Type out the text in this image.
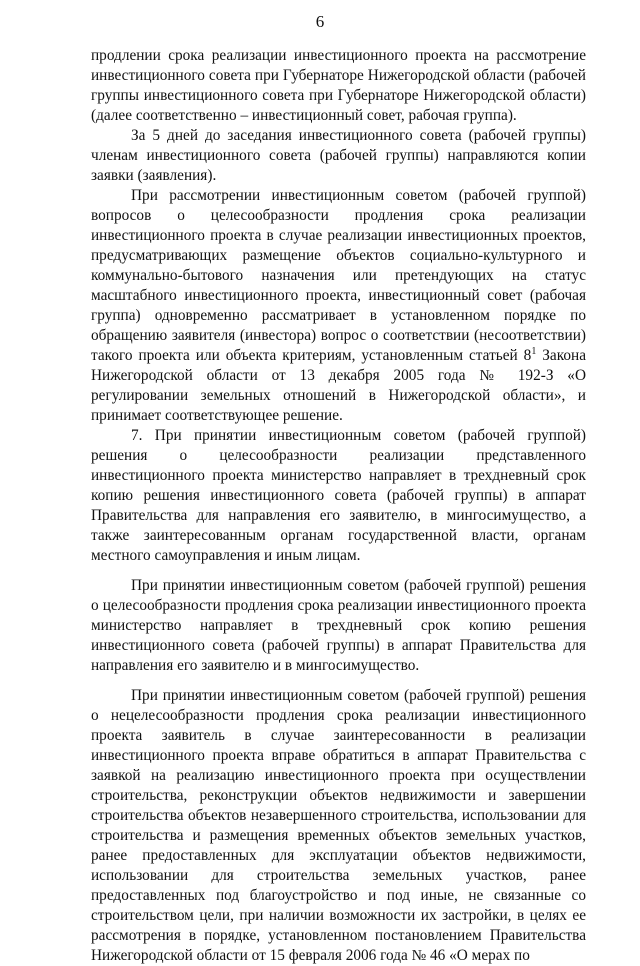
6

продлении срока реализации инвестиционного проекта на рассмотрение инвестиционного совета при Губернаторе Нижегородской области (рабочей группы инвестиционного совета при Губернаторе Нижегородской области) (далее соответственно – инвестиционный совет, рабочая группа).

За 5 дней до заседания инвестиционного совета (рабочей группы) членам инвестиционного совета (рабочей группы) направляются копии заявки (заявления).

При рассмотрении инвестиционным советом (рабочей группой) вопросов о целесообразности продления срока реализации инвестиционного проекта в случае реализации инвестиционных проектов, предусматривающих размещение объектов социально-культурного и коммунально-бытового назначения или претендующих на статус масштабного инвестиционного проекта, инвестиционный совет (рабочая группа) одновременно рассматривает в установленном порядке по обращению заявителя (инвестора) вопрос о соответствии (несоответствии) такого проекта или объекта критериям, установленным статьей $8^1$ Закона Нижегородской области от 13 декабря 2005 года № 192-З «О регулировании земельных отношений в Нижегородской области», и принимает соответствующее решение.

7. При принятии инвестиционным советом (рабочей группой) решения о целесообразности реализации представленного инвестиционного проекта министерство направляет в трехдневный срок копию решения инвестиционного совета (рабочей группы) в аппарат Правительства для направления его заявителю, в мингосимущество, а также заинтересованным органам государственной власти, органам местного самоуправления и иным лицам.

При принятии инвестиционным советом (рабочей группой) решения о целесообразности продления срока реализации инвестиционного проекта министерство направляет в трехдневный срок копию решения инвестиционного совета (рабочей группы) в аппарат Правительства для направления его заявителю и в мингосимущество.

При принятии инвестиционным советом (рабочей группой) решения о нецелесообразности продления срока реализации инвестиционного проекта заявитель в случае заинтересованности в реализации инвестиционного проекта вправе обратиться в аппарат Правительства с заявкой на реализацию инвестиционного проекта при осуществлении строительства, реконструкции объектов недвижимости и завершении строительства объектов незавершенного строительства, использовании для строительства и размещения временных объектов земельных участков, ранее предоставленных для эксплуатации объектов недвижимости, использовании для строительства земельных участков, ранее предоставленных под благоустройство и под иные, не связанные со строительством цели, при наличии возможности их застройки, в целях ее рассмотрения в порядке, установленном постановлением Правительства Нижегородской области от 15 февраля 2006 года № 46 «О мерах по
